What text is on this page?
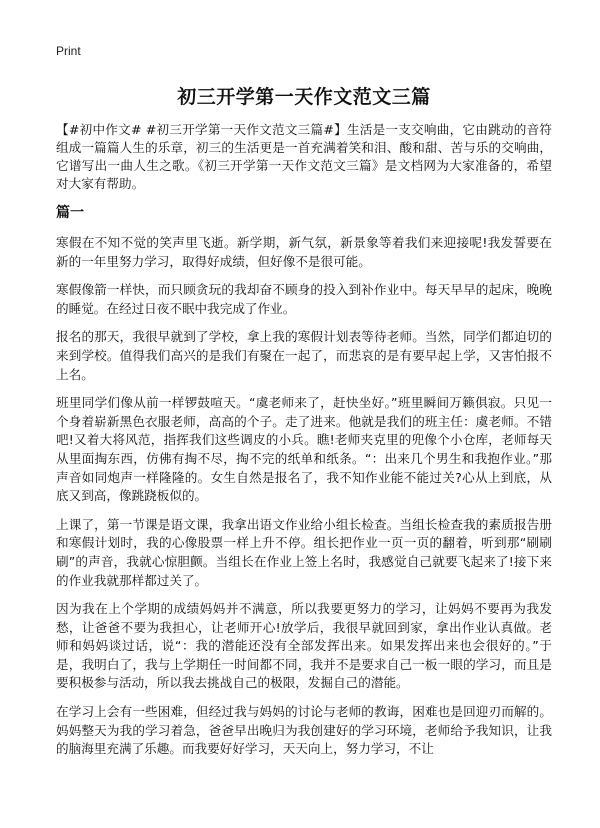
Print
初三开学第一天作文范文三篇
【#初中作文# #初三开学第一天作文范文三篇#】生活是一支交响曲，它由跳动的音符组成一篇篇人生的乐章，初三的生活更是一首充满着笑和泪、酸和甜、苦与乐的交响曲，它谱写出一曲人生之歌。《初三开学第一天作文范文三篇》是文档网为大家准备的，希望对大家有帮助。
篇一

寒假在不知不觉的笑声里飞逝。新学期，新气氛，新景象等着我们来迎接呢!我发誓要在新的一年里努力学习，取得好成绩，但好像不是很可能。

寒假像箭一样快，而只顾贪玩的我却奋不顾身的投入到补作业中。每天早早的起床，晚晚的睡觉。在经过日夜不眠中我完成了作业。

报名的那天，我很早就到了学校，拿上我的寒假计划表等待老师。当然，同学们都迫切的来到学校。值得我们高兴的是我们有聚在一起了，而悲哀的是有要早起上学，又害怕报不上名。

班里同学们像从前一样锣鼓喧天。“虞老师来了，赶快坐好。”班里瞬间万籁俱寂。只见一个身着崭新黑色衣服老师，高高的个子。走了进来。他就是我们的班主任：虞老师。不错吧!又着大将风范，指挥我们这些调皮的小兵。瞧!老师夹克里的兜像个小仓库，老师每天从里面掏东西，仿佛有掏不尽，掏不完的纸单和纸条。“：出来几个男生和我抱作业。”那声音如同炮声一样隆隆的。女生自然是报名了，我不知作业能不能过关?心从上到底，从底又到高，像跳跷板似的。

上课了，第一节课是语文课，我拿出语文作业给小组长检查。当组长检查我的素质报告册和寒假计划时，我的心像股票一样上升不停。组长把作业一页一页的翻着，听到那“刷刷刷”的声音，我就心惊胆颤。当组长在作业上签上名时，我感觉自己就要飞起来了!接下来的作业我就那样都过关了。

因为我在上个学期的成绩妈妈并不满意，所以我要更努力的学习，让妈妈不要再为我发愁，让爸爸不要为我担心，让老师开心!放学后，我很早就回到家，拿出作业认真做。老师和妈妈谈过话，说“：我的潜能还没有全部发挥出来。如果发挥出来也会很好的。”于是，我明白了，我与上学期任一时间都不同，我并不是要求自己一板一眼的学习，而且是要积极参与活动，所以我去挑战自己的极限，发掘自己的潜能。

在学习上会有一些困难，但经过我与妈妈的讨论与老师的教诲，困难也是回迎刃而解的。妈妈整天为我的学习着急，爸爸早出晚归为我创建好的学习环境，老师给予我知识，让我的脑海里充满了乐趣。而我要好好学习，天天向上，努力学习，不让
